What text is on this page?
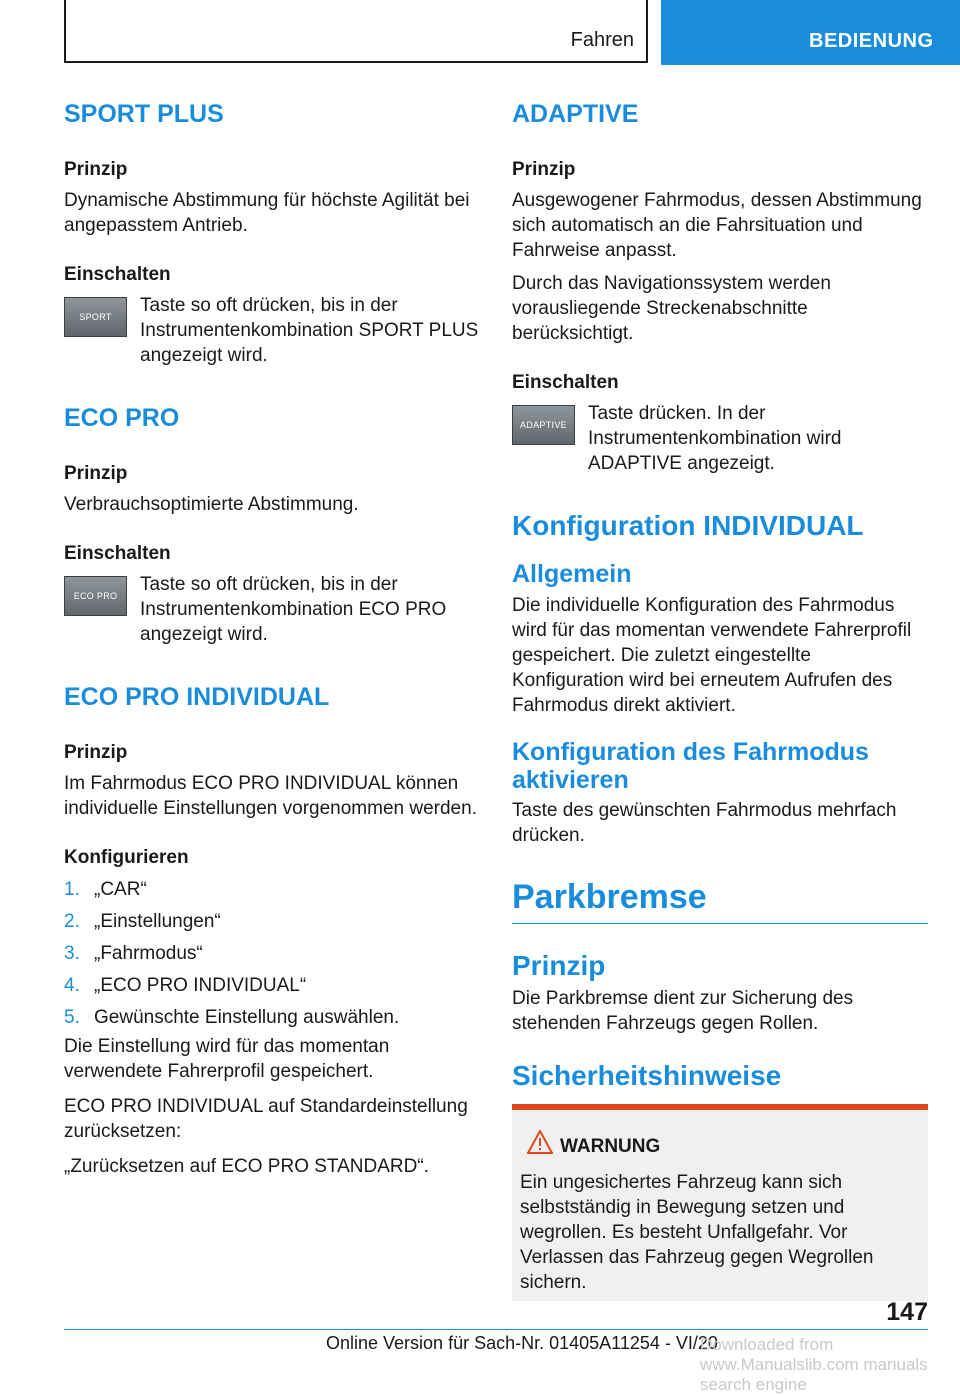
Fahren	BEDIENUNG
SPORT PLUS

Prinzip

Dynamische Abstimmung für höchste Agilität bei angepasstem Antrieb.

Einschalten

SPORT

Taste so oft drücken, bis in der Instrumentenkombination SPORT PLUS angezeigt wird.

ECO PRO

Prinzip

Verbrauchsoptimierte Abstimmung.

Einschalten

ECO PRO

Taste so oft drücken, bis in der Instrumentenkombination ECO PRO angezeigt wird.

ECO PRO INDIVIDUAL

Prinzip

Im Fahrmodus ECO PRO INDIVIDUAL können individuelle Einstellungen vorgenommen werden.

Konfigurieren

1. „CAR“
2. „Einstellungen“
3. „Fahrmodus“
4. „ECO PRO INDIVIDUAL“
5. Gewünschte Einstellung auswählen.

Die Einstellung wird für das momentan verwendete Fahrerprofil gespeichert.

ECO PRO INDIVIDUAL auf Standardeinstellung zurücksetzen:

„Zurücksetzen auf ECO PRO STANDARD“.

ADAPTIVE

Prinzip

Ausgewogener Fahrmodus, dessen Abstimmung sich automatisch an die Fahrsituation und Fahrweise anpasst.

Durch das Navigationssystem werden vorausliegende Streckenabschnitte berücksichtigt.

Einschalten

ADAPTIVE

Taste drücken. In der Instrumentenkombination wird ADAPTIVE angezeigt.

Konfiguration INDIVIDUAL
Allgemein

Die individuelle Konfiguration des Fahrmodus wird für das momentan verwendete Fahrerprofil gespeichert. Die zuletzt eingestellte Konfiguration wird bei erneutem Aufrufen des Fahrmodus direkt aktiviert.

Konfiguration des Fahrmodus aktivieren

Taste des gewünschten Fahrmodus mehrfach drücken.

Parkbremse
Prinzip

Die Parkbremse dient zur Sicherung des stehenden Fahrzeugs gegen Rollen.

Sicherheitshinweise
WARNUNG
Ein ungesichertes Fahrzeug kann sich selbstständig in Bewegung setzen und wegrollen. Es besteht Unfallgefahr. Vor Verlassen das Fahrzeug gegen Wegrollen sichern.
147
Online Version für Sach-Nr. 01405A11254 - VI/20
Downloaded from www.Manualslib.com manuals search engine
